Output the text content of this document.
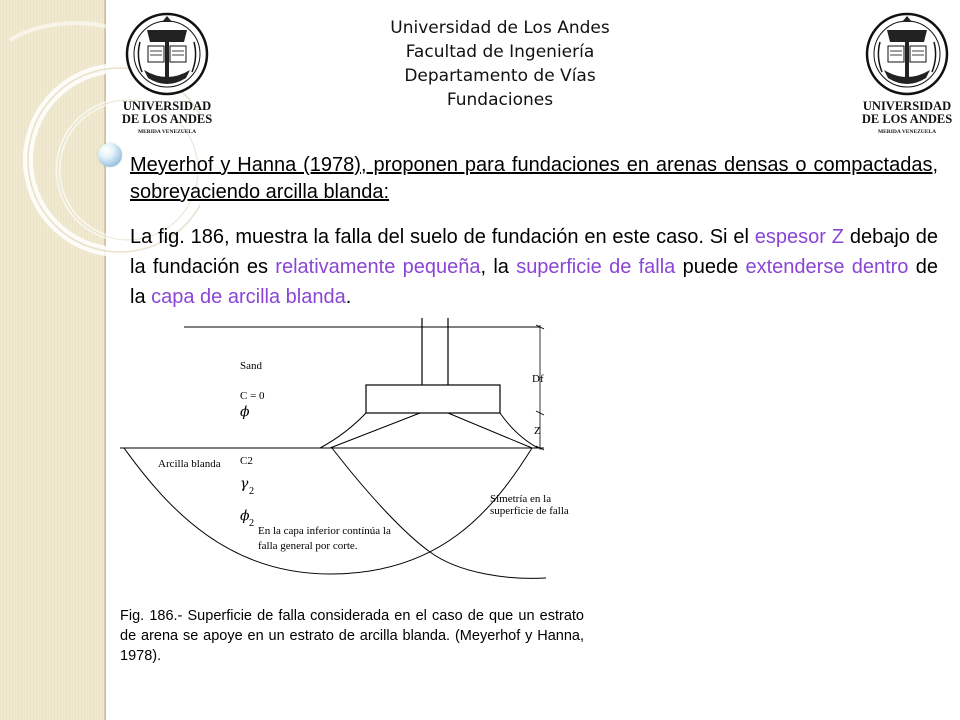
UNIVERSIDAD
DE LOS ANDES
MERIDA VENEZUELA
UNIVERSIDAD
DE LOS ANDES
MERIDA VENEZUELA
Universidad de Los Andes
Facultad de Ingeniería
Departamento de Vías
Fundaciones
Meyerhof y Hanna (1978), proponen para fundaciones en arenas densas o compactadas, sobreyaciendo arcilla blanda:
La fig. 186, muestra la falla del suelo de fundación en este caso. Si el espesor Z debajo de la fundación es relativamente pequeña, la superficie de falla puede extenderse dentro de la capa de arcilla blanda.
Df
Z
Sand
C = 0
ϕ
Arcilla blanda C2
γ 2
ϕ 2
En la capa inferior contínúa la
falla general por corte.
Simetría en la
superficie de falla
Fig. 186.- Superficie de falla considerada en el caso de que un estrato de arena se apoye en un estrato de arcilla blanda. (Meyerhof y Hanna, 1978).
